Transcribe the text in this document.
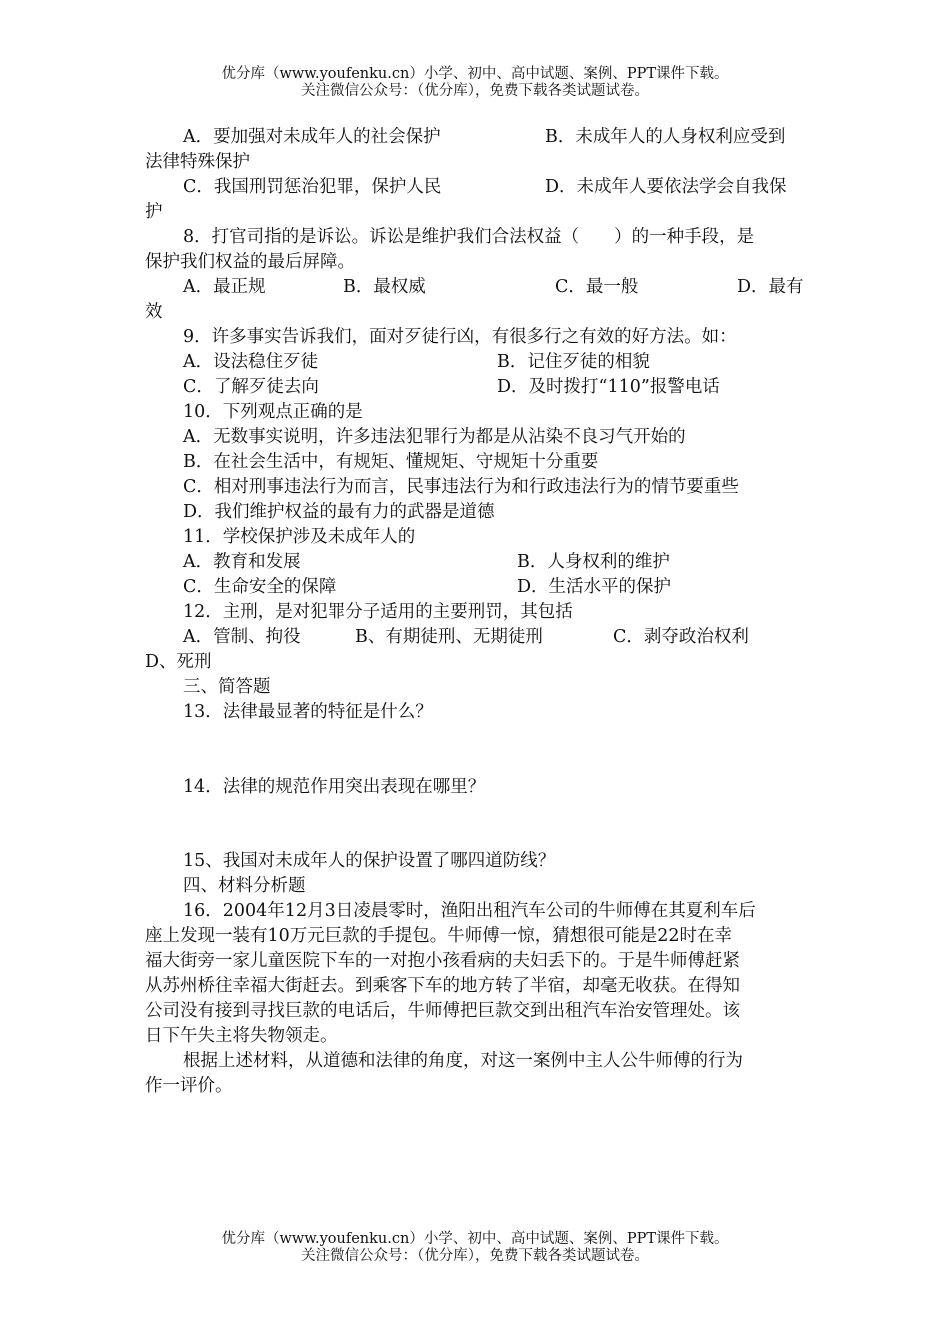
优分库（www.youfenku.cn）小学、初中、高中试题、案例、PPT课件下载。
关注微信公众号：（优分库），免费下载各类试题试卷。
A．要加强对未成年人的社会保护	B．未成年人的人身权利应受到
法律特殊保护
C．我国刑罚惩治犯罪，保护人民	D．未成年人要依法学会自我保
护
8．打官司指的是诉讼。诉讼是维护我们合法权益（　　）的一种手段，是
保护我们权益的最后屏障。
A．最正规	B．最权威	C．最一般	D．最有
效
9．许多事实告诉我们，面对歹徒行凶，有很多行之有效的好方法。如：
A．设法稳住歹徒	B．记住歹徒的相貌
C．了解歹徒去向	D．及时拨打“110”报警电话
10．下列观点正确的是
A．无数事实说明，许多违法犯罪行为都是从沾染不良习气开始的
B．在社会生活中，有规矩、懂规矩、守规矩十分重要
C．相对刑事违法行为而言，民事违法行为和行政违法行为的情节要重些
D．我们维护权益的最有力的武器是道德
11．学校保护涉及未成年人的
A．教育和发展	B．人身权利的维护
C．生命安全的保障	D．生活水平的保护
12．主刑，是对犯罪分子适用的主要刑罚，其包括
A．管制、拘役	B、有期徒刑、无期徒刑	C．剥夺政治权利
D、死刑
三、简答题
13．法律最显著的特征是什么？
14．法律的规范作用突出表现在哪里？
15、我国对未成年人的保护设置了哪四道防线？
四、材料分析题
16．2004年12月3日凌晨零时，渔阳出租汽车公司的牛师傅在其夏利车后
座上发现一装有10万元巨款的手提包。牛师傅一惊，猜想很可能是22时在幸
福大街旁一家儿童医院下车的一对抱小孩看病的夫妇丢下的。于是牛师傅赶紧
从苏州桥往幸福大街赶去。到乘客下车的地方转了半宿，却毫无收获。在得知
公司没有接到寻找巨款的电话后，牛师傅把巨款交到出租汽车治安管理处。该
日下午失主将失物领走。
根据上述材料，从道德和法律的角度，对这一案例中主人公牛师傅的行为
作一评价。
优分库（www.youfenku.cn）小学、初中、高中试题、案例、PPT课件下载。
关注微信公众号：（优分库），免费下载各类试题试卷。
